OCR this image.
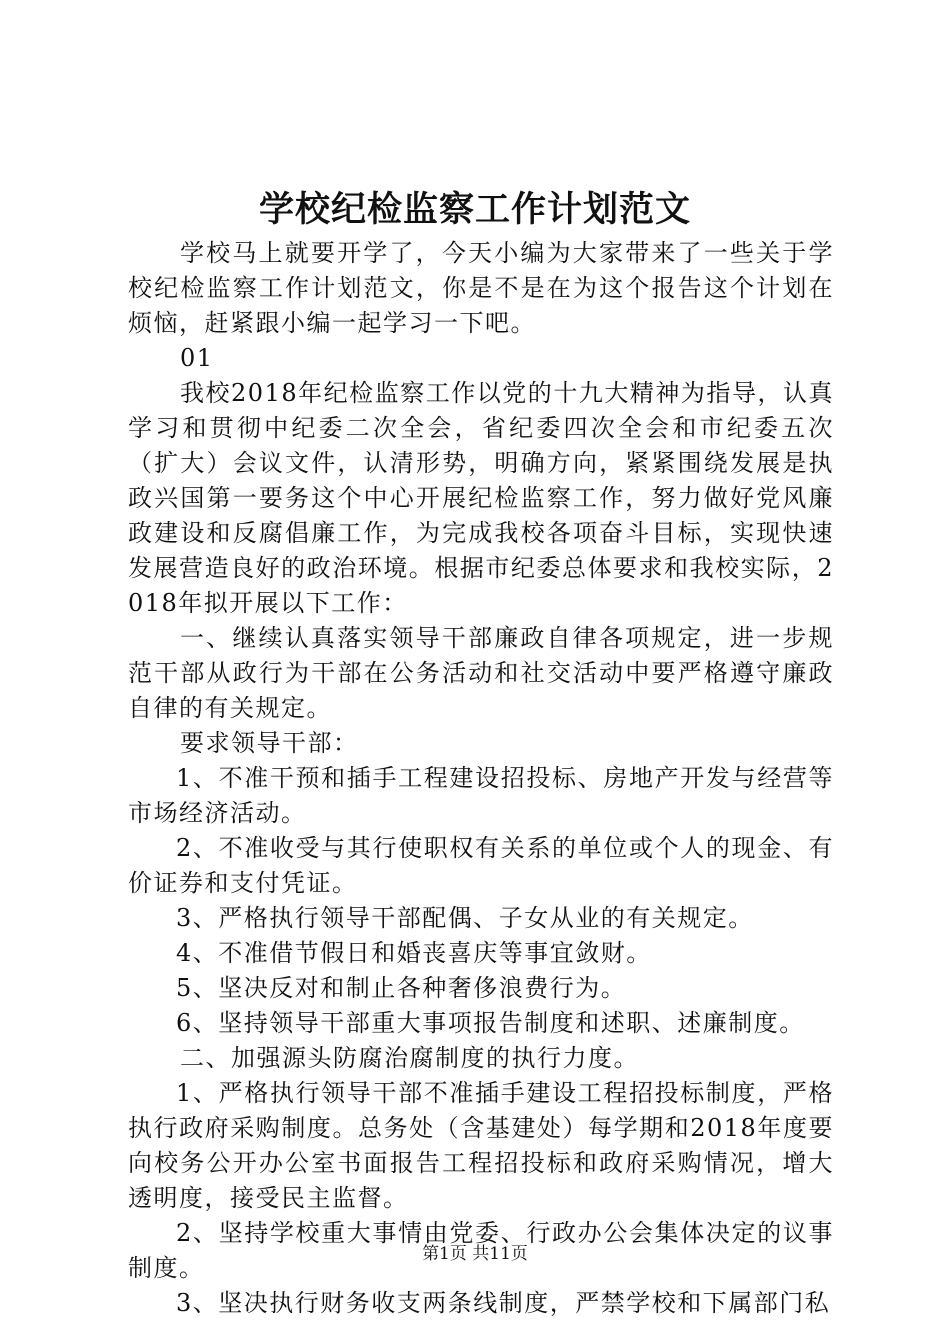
学校纪检监察工作计划范文

学校马上就要开学了，今天小编为大家带来了一些关于学校纪检监察工作计划范文，你是不是在为这个报告这个计划在烦恼，赶紧跟小编一起学习一下吧。

01

我校2018年纪检监察工作以党的十九大精神为指导，认真学习和贯彻中纪委二次全会，省纪委四次全会和市纪委五次（扩大）会议文件，认清形势，明确方向，紧紧围绕发展是执政兴国第一要务这个中心开展纪检监察工作，努力做好党风廉政建设和反腐倡廉工作，为完成我校各项奋斗目标，实现快速发展营造良好的政治环境。根据市纪委总体要求和我校实际，2018年拟开展以下工作：

一、继续认真落实领导干部廉政自律各项规定，进一步规范干部从政行为干部在公务活动和社交活动中要严格遵守廉政自律的有关规定。

要求领导干部：

1、不准干预和插手工程建设招投标、房地产开发与经营等市场经济活动。

2、不准收受与其行使职权有关系的单位或个人的现金、有价证券和支付凭证。

3、严格执行领导干部配偶、子女从业的有关规定。

4、不准借节假日和婚丧喜庆等事宜敛财。

5、坚决反对和制止各种奢侈浪费行为。

6、坚持领导干部重大事项报告制度和述职、述廉制度。

二、加强源头防腐治腐制度的执行力度。

1、严格执行领导干部不准插手建设工程招投标制度，严格执行政府采购制度。总务处（含基建处）每学期和2018年度要向校务公开办公室书面报告工程招投标和政府采购情况，增大透明度，接受民主监督。

2、坚持学校重大事情由党委、行政办公会集体决定的议事制度。

3、坚决执行财务收支两条线制度，严禁学校和下属部门私

第1页 共11页
